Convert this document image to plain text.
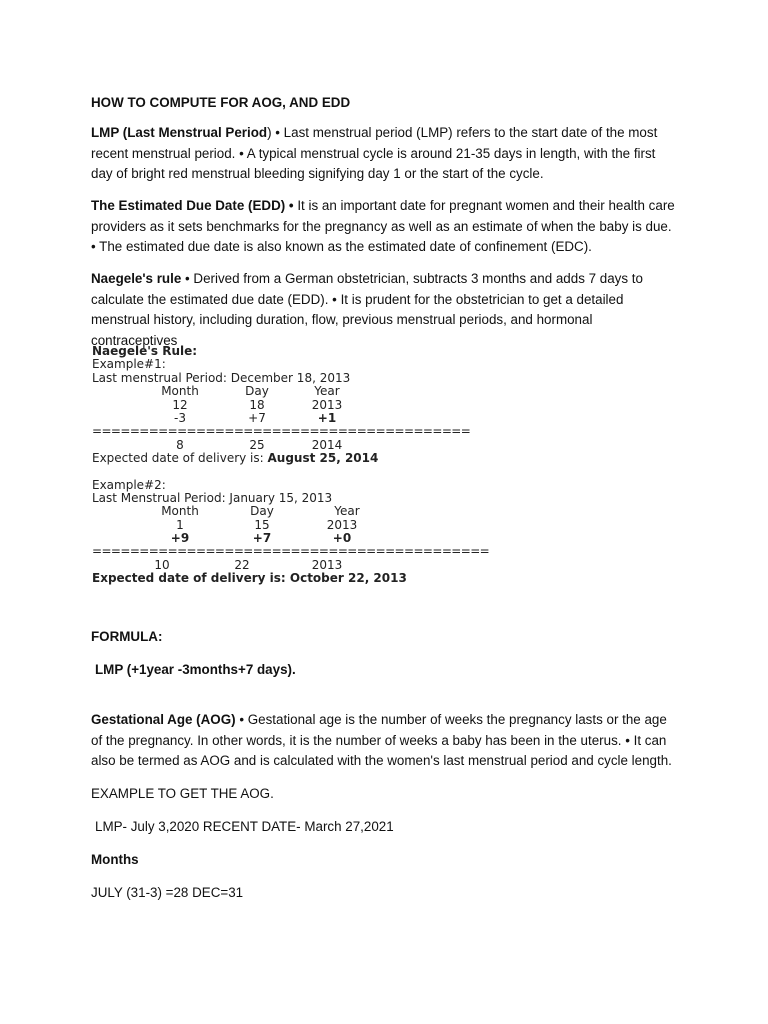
HOW TO COMPUTE FOR AOG, AND EDD

LMP (Last Menstrual Period) • Last menstrual period (LMP) refers to the start date of the most recent menstrual period. • A typical menstrual cycle is around 21-35 days in length, with the first day of bright red menstrual bleeding signifying day 1 or the start of the cycle.

The Estimated Due Date (EDD) • It is an important date for pregnant women and their health care providers as it sets benchmarks for the pregnancy as well as an estimate of when the baby is due. • The estimated due date is also known as the estimated date of confinement (EDC).

Naegele's rule • Derived from a German obstetrician, subtracts 3 months and adds 7 days to calculate the estimated due date (EDD). • It is prudent for the obstetrician to get a detailed menstrual history, including duration, flow, previous menstrual periods, and hormonal contraceptives

Naegele's Rule:
Example#1:
Last menstrual Period: December 18, 2013
Month	Day	Year
12	18	2013
-3	+7	+1
========================================
8	25	2014
Expected date of delivery is: August 25, 2014
Example#2:
Last Menstrual Period: January 15, 2013
Month	Day	Year
1	15	2013
+9	+7	+0
==========================================
10	22	2013
Expected date of delivery is: October 22, 2013
FORMULA:
LMP (+1year -3months+7 days).

Gestational Age (AOG) • Gestational age is the number of weeks the pregnancy lasts or the age of the pregnancy. In other words, it is the number of weeks a baby has been in the uterus. • It can also be termed as AOG and is calculated with the women's last menstrual period and cycle length.

EXAMPLE TO GET THE AOG.
LMP- July 3,2020 RECENT DATE- March 27,2021
Months
JULY (31-3) =28 DEC=31
